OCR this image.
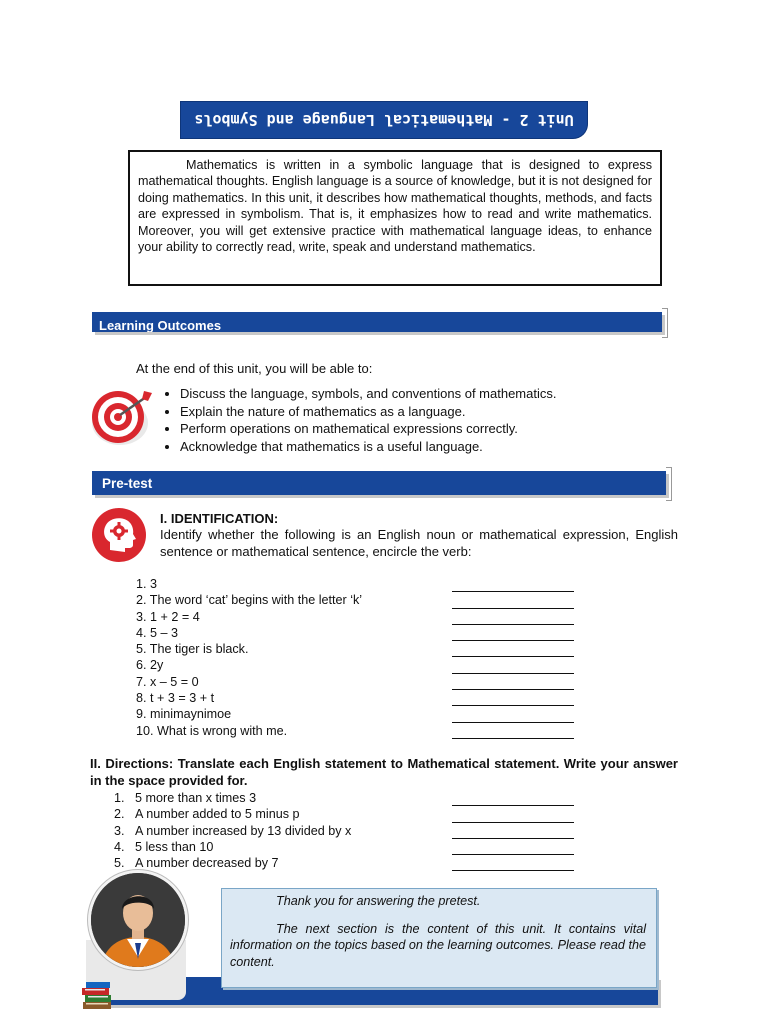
Unit 2 - Mathematical Language and Symbols

Mathematics is written in a symbolic language that is designed to express mathematical thoughts. English language is a source of knowledge, but it is not designed for doing mathematics. In this unit, it describes how mathematical thoughts, methods, and facts are expressed in symbolism. That is, it emphasizes how to read and write mathematics. Moreover, you will get extensive practice with mathematical language ideas, to enhance your ability to correctly read, write, speak and understand mathematics.

Learning Outcomes
At the end of this unit, you will be able to:
• Discuss the language, symbols, and conventions of mathematics.
• Explain the nature of mathematics as a language.
• Perform operations on mathematical expressions correctly.
• Acknowledge that mathematics is a useful language.
Pre-test
I. IDENTIFICATION:
Identify whether the following is an English noun or mathematical expression, English sentence or mathematical sentence, encircle the verb:
1. 3
2. The word ‘cat’ begins with the letter ‘k’
3. 1 + 2 = 4
4. 5 – 3
5. The tiger is black.
6. 2y
7. x – 5 = 0
8. t + 3 = 3 + t
9. minimaynimoe
10. What is wrong with me.
II. Directions: Translate each English statement to Mathematical statement. Write your answer in the space provided for.
1. 5 more than x times 3
2. A number added to 5 minus p
3. A number increased by 13 divided by x
4. 5 less than 10
5. A number decreased by 7

Thank you for answering the pretest.

The next section is the content of this unit. It contains vital information on the topics based on the learning outcomes. Please read the content.
